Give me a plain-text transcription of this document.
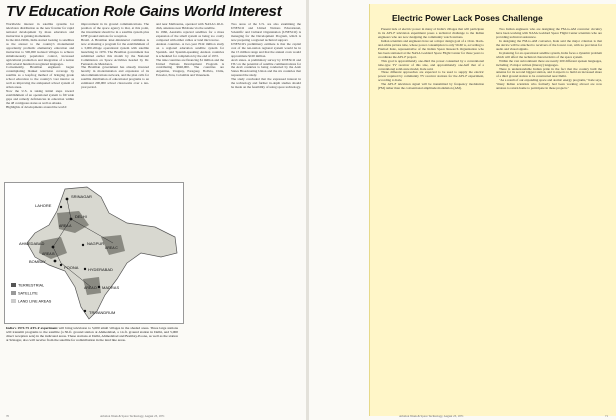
TV Education Role Gains World Interest

Worldwide interest in satellite systems for television distribution as the new frontier for rapid national development by mass education and instruction is gaining momentum.

In the mid-1960s, India started looking to satellites as the answer to the country's monumental opportunity problem: elementary education and instruction to 500,000 isolated villages to achieve simultaneously population control, increased agricultural production and integration of a nation with several hundred recognized languages.

Conveniently, Brazilian engineers began contemplating blanket television coverage by satellite as a leapfrog method of bringing grade school education to the country's vast interior as well as improving the antiquated school system of urban areas.

Now the U.S. is taking initial steps toward establishment of an operational system to fill wide gaps and remedy deficiencies in education within the 48 contiguous states as well as Alaska.

Highlights of developments around the world:

improvement in its ground communications. The position of the space agency is that, at this point, the investment should be in a satellite system plus UHF ground stations for reception.

Brazil. A Brazilian inter-ministerial committee is now evaluating a program for the establishment of a 3,000-village operational system with satellite launching in 1976. The Brazilian government has submitted earlier this month by the National Commission on Space Activities headed by Dr. Fernando de Mendonca.

The Brazilian government has already invested heavily in modernization and expansion of its telecommunications network, and the plan calls for satellite distribution of educational programs to an estimated 200,000 school classrooms over a ten-year period.

and near Melbourne, operated with NASA's 40-ft. dish, antennas near Brisbane via the satellite.

In 1966, Australia rejected satellites for a mass expansion of the small system as being too costly compared with either cables or land microwave.

Andean countries. A two-year ELR million study on a regional education satellite system for Spanish- and Spanish-speaking Andean countries is scheduled for completion by the end of 1972.

The nine countries are financing $1 million and the United Nations Development Program is contributing $940,000. The countries are Argentina, Uruguay, Paraguay, Bolivia, Chile, Ecuador, Peru, Colombia and Venezuela.

Two areas of the U.S. are also examining the UNESCO and United Nations Educational, Scientific and Cultural Organization (UNESCO) is managing for the Development Program, which is now preparing a regional technical support.

UNESCO's preliminary estimate is that the capital cost of the ten-nation regional system would be in the 15 million range and that the annual costs would approximate $100 million.

Arab states. A preliminary survey by UNESCO and ITU on the potential of satellite communications for the Arab countries is being conducted by the Arab States Broadcasting Union and the six countries that requested the study.

The study concluded that the expressed interest in the technology and further in-depth studies should be made on the feasibility of using space technology.

SRINAGAR
LAHORE
DELHI
AHMEDABAD
BOMBAY
POONA
MADRAS
NAGPUR
HYDERABAD
TRIVANDRUM
AREA A
AREA B
AREA C
AREA D
TERRESTRIAL
SATELLITE
LAND LINE AREAS
India's 1974-75 ATS-F experiment will bring television to 5,000 small villages in the shaded areas. Three large stations will transmit programs to the satellite (a 30-ft. ground station at Ahmedabad, a 14-ft. ground station in Delhi, and 5,000 direct reception sets) in the indicated areas. These stations at Delhi, Ahmedabad and Bombay-Poona, as well as the station at Srinagar, also will receive from the satellite for redistribution in the land line areas.
70	Aviation Week & Space Technology, August 23, 1971
Electric Power Lack Poses Challenge

Present lack of electric power in many of India's villages that will participate in its ATS-F television experiment poses a technical challenge to the Indian engineers who are now designing the community watch stations.

Indian scientists and engineers have set a major design goal of a 10-in. black-and-white picture tube, whose power consumption is only 50-60 w, according to Pramod Kale, representative of the Indian Space Research Organization who has been stationed at the NASA Goddard Space Flight Center for three years to coordinate the ATS-F project.

This goal is approximately one-third the power consumed by a conventional tube-type TV receiver of this size, and approximately one-half that of a conventional solid-state model, Kale said.

Three different approaches are expected to be used to supply the electric power required by community TV receiver stations for the ATS-F experiment, according to Kale.

The ATS-F television signal will be transmitted by frequency modulation (FM) rather than the conventional amplitude modulation (AM).

Two Indian engineers who are designing the FM-to-AM converter circuitry have been working with NASA Goddard Space Flight Center scientists who are providing technical assistance.

In designing the FM-to-AM converter, Kale said the major criterion is that the device will be attached to receivers of the lowest cost, with no provision for audio and visual signals.

In planning for an operational satellite system, India faces a dynamic problem which will affect the technical characteristics of the space system.

Within the vast subcontinent there are nearly 200 different spoken languages, including 15 major written (literary) languages.

There is understandable Indian pride in the fact that the country built the antenna for its second biggest station, and it expects to build an increased share of a third ground station to be constructed near Delhi.

"As a result of our expanding space and atomic energy programs," Kale says, "many Indian scientists who formerly had been working abroad are now anxious to return home to participate in these projects."

Aviation Week & Space Technology, August 23, 1971	71
